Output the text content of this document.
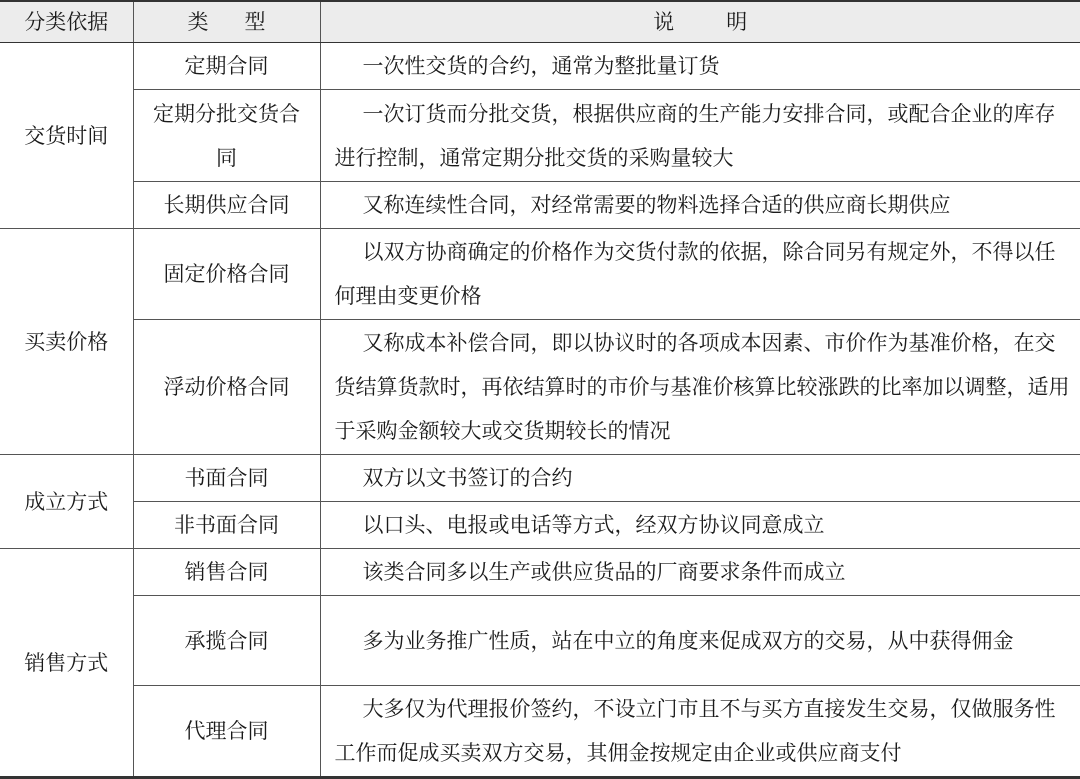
分类依据	类型	说明
交货时间	定期合同	一次性交货的合约，通常为整批量订货
	定期分批交货合同	一次订货而分批交货，根据供应商的生产能力安排合同，或配合企业的库存进行控制，通常定期分批交货的采购量较大
	长期供应合同	又称连续性合同，对经常需要的物料选择合适的供应商长期供应
买卖价格	固定价格合同	以双方协商确定的价格作为交货付款的依据，除合同另有规定外，不得以任何理由变更价格
	浮动价格合同	又称成本补偿合同，即以协议时的各项成本因素、市价作为基准价格，在交货结算货款时，再依结算时的市价与基准价核算比较涨跌的比率加以调整，适用于采购金额较大或交货期较长的情况
成立方式	书面合同	双方以文书签订的合约
	非书面合同	以口头、电报或电话等方式，经双方协议同意成立
销售方式	销售合同	该类合同多以生产或供应货品的厂商要求条件而成立
	承揽合同	多为业务推广性质，站在中立的角度来促成双方的交易，从中获得佣金
	代理合同	大多仅为代理报价签约，不设立门市且不与买方直接发生交易，仅做服务性工作而促成买卖双方交易，其佣金按规定由企业或供应商支付
